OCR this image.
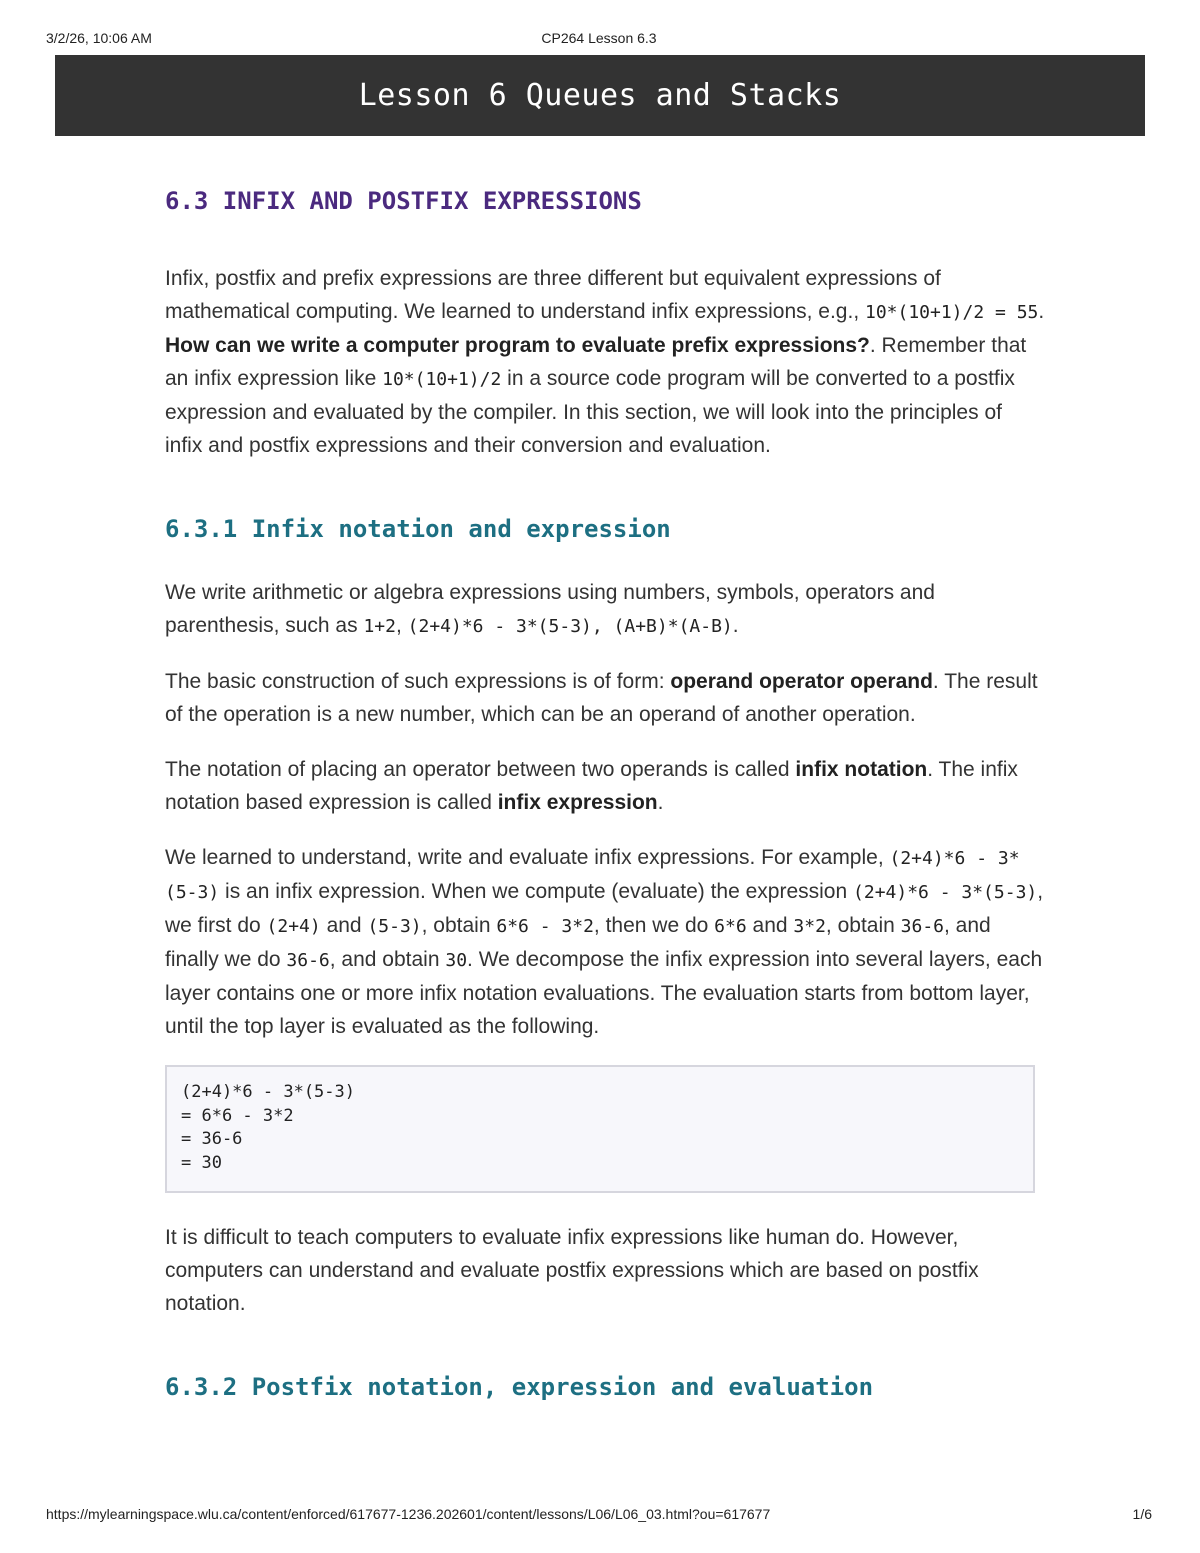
3/2/26, 10:06 AM	CP264 Lesson 6.3
Lesson 6 Queues and Stacks
6.3 INFIX AND POSTFIX EXPRESSIONS

Infix, postfix and prefix expressions are three different but equivalent expressions of mathematical computing. We learned to understand infix expressions, e.g., 10*(10+1)/2 = 55. How can we write a computer program to evaluate prefix expressions?. Remember that an infix expression like 10*(10+1)/2 in a source code program will be converted to a postfix expression and evaluated by the compiler. In this section, we will look into the principles of infix and postfix expressions and their conversion and evaluation.

6.3.1 Infix notation and expression

We write arithmetic or algebra expressions using numbers, symbols, operators and parenthesis, such as 1+2, (2+4)*6 - 3*(5-3), (A+B)*(A-B).

The basic construction of such expressions is of form: operand operator operand. The result of the operation is a new number, which can be an operand of another operation.

The notation of placing an operator between two operands is called infix notation. The infix notation based expression is called infix expression.

We learned to understand, write and evaluate infix expressions. For example, (2+4)*6 - 3*(5-3) is an infix expression. When we compute (evaluate) the expression (2+4)*6 - 3*(5-3), we first do (2+4) and (5-3), obtain 6*6 - 3*2, then we do 6*6 and 3*2, obtain 36-6, and finally we do 36-6, and obtain 30. We decompose the infix expression into several layers, each layer contains one or more infix notation evaluations. The evaluation starts from bottom layer, until the top layer is evaluated as the following.

(2+4)*6 - 3*(5-3)
= 6*6 - 3*2
= 36-6
= 30

It is difficult to teach computers to evaluate infix expressions like human do. However, computers can understand and evaluate postfix expressions which are based on postfix notation.

6.3.2 Postfix notation, expression and evaluation
https://mylearningspace.wlu.ca/content/enforced/617677-1236.202601/content/lessons/L06/L06_03.html?ou=617677	1/6
